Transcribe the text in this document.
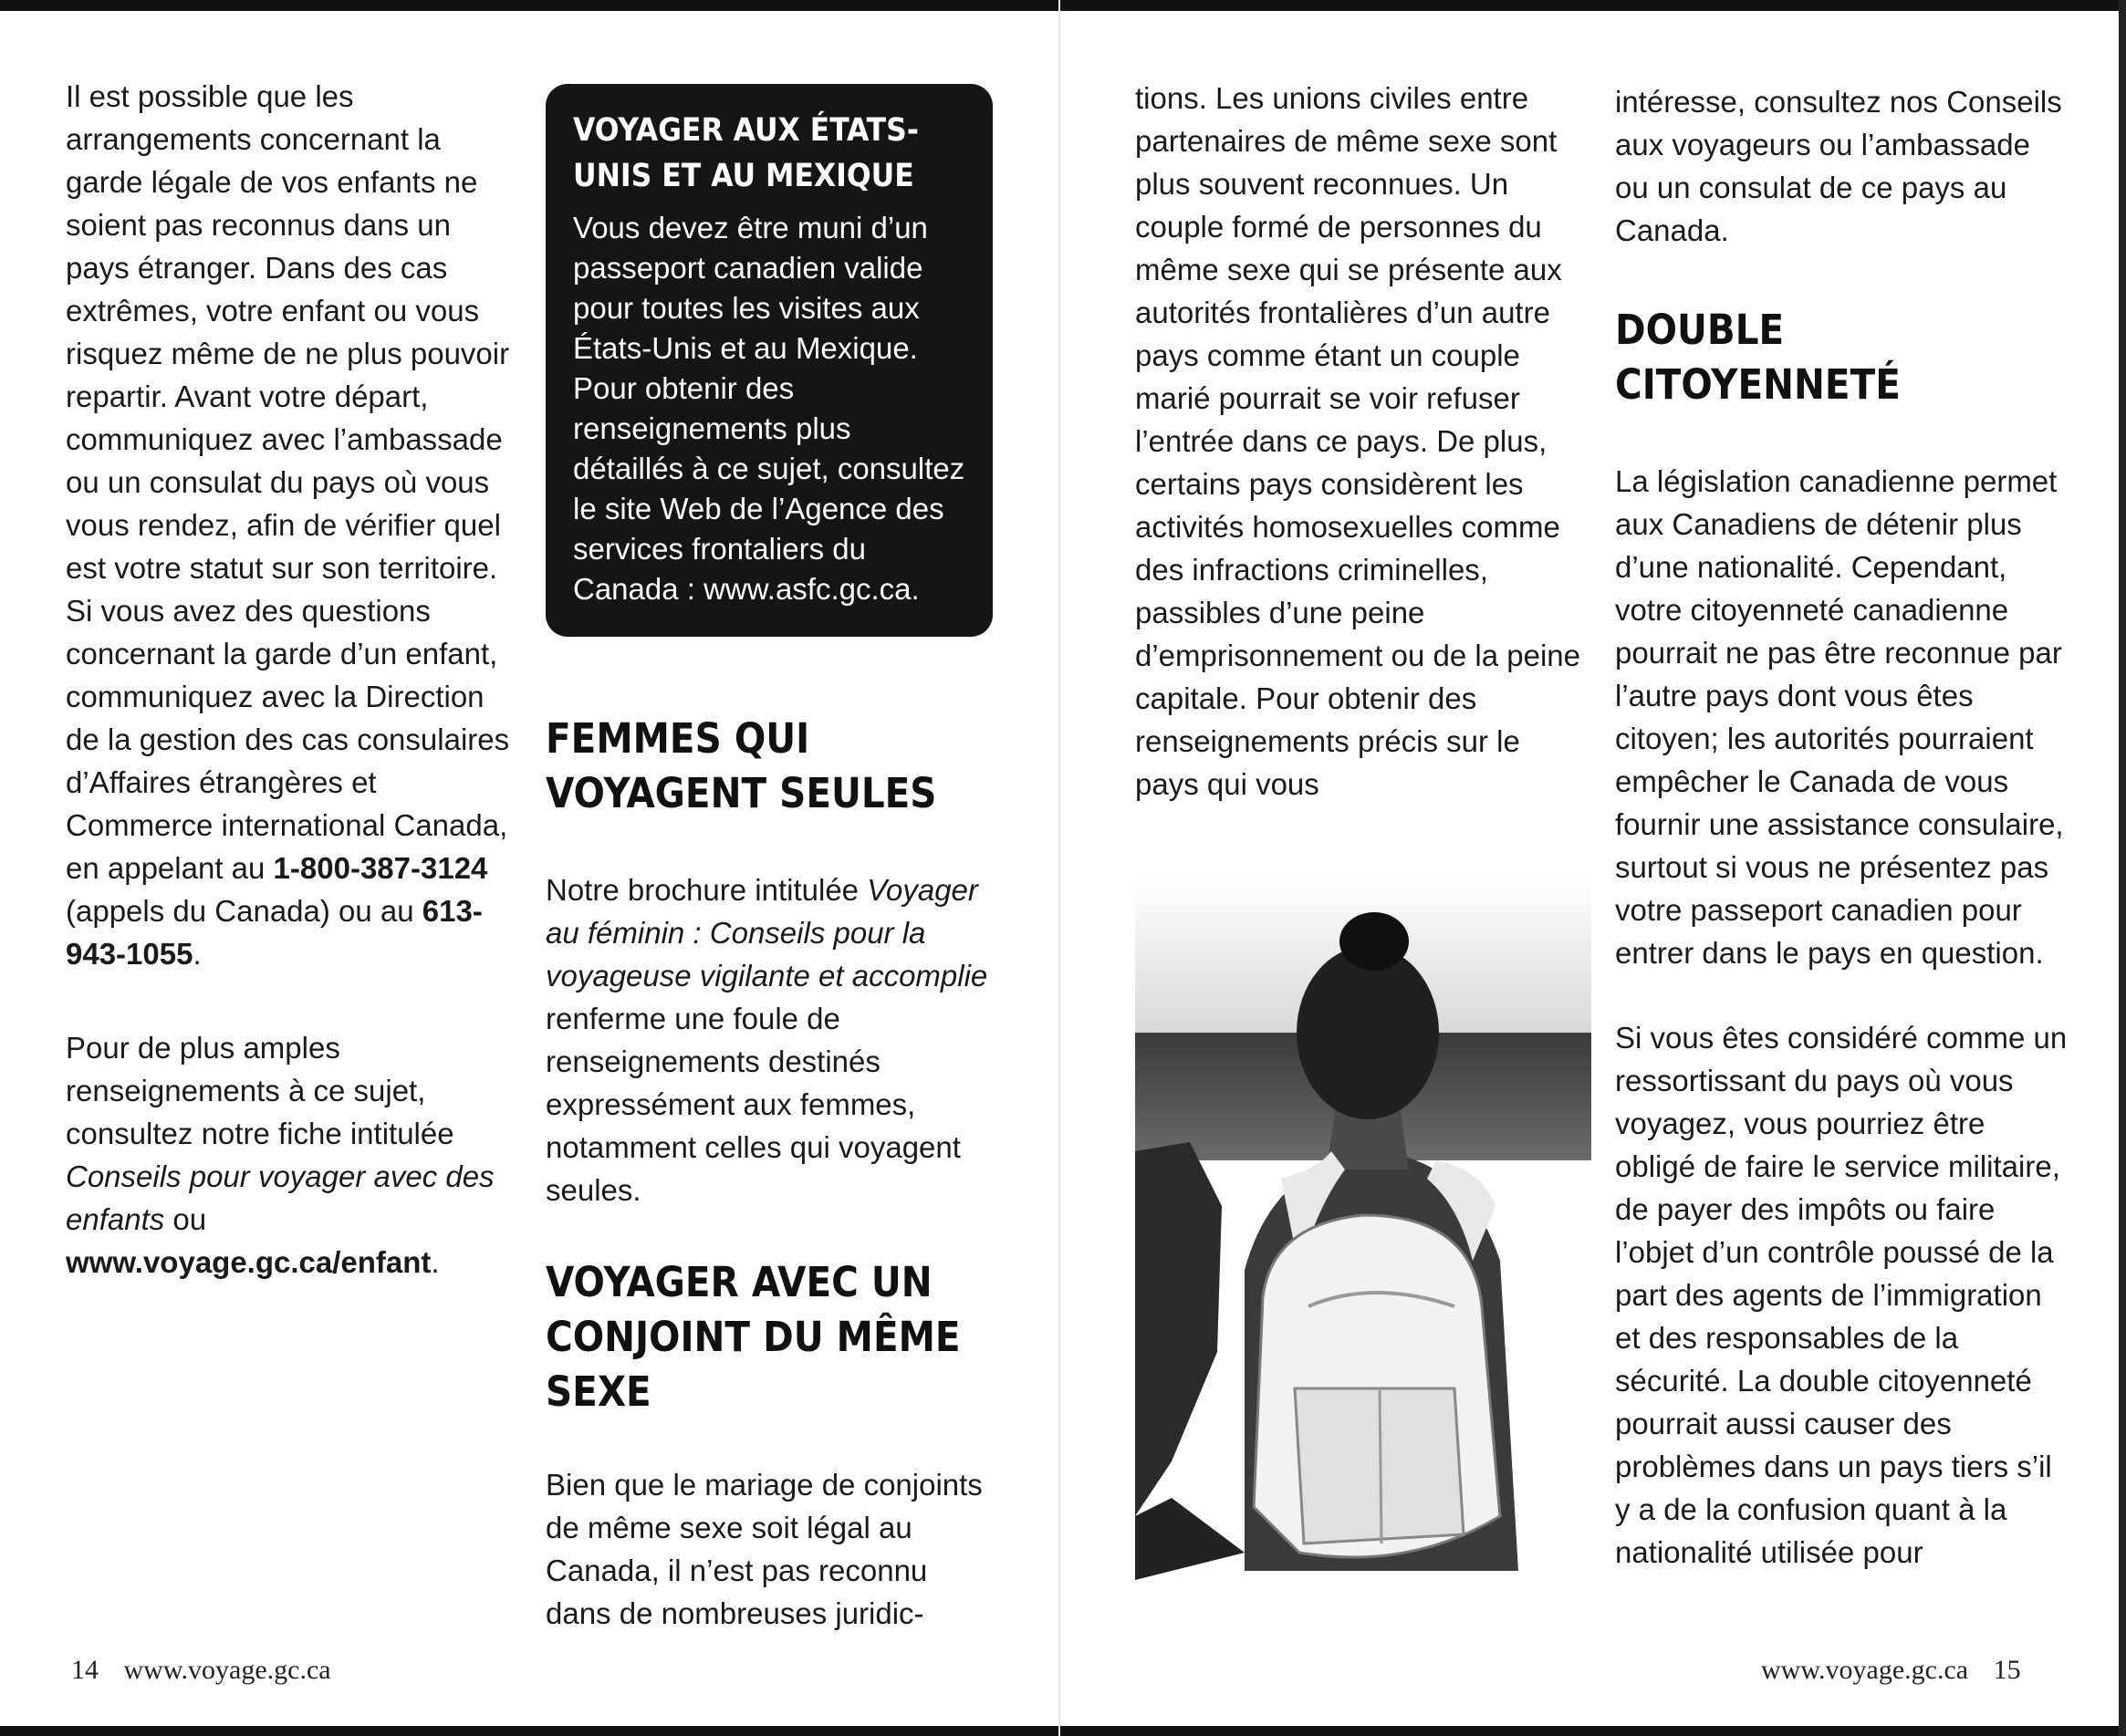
Il est possible que les arrangements concernant la garde légale de vos enfants ne soient pas reconnus dans un pays étranger. Dans des cas extrêmes, votre enfant ou vous risquez même de ne plus pouvoir repartir. Avant votre départ, communiquez avec l’ambassade ou un consulat du pays où vous vous rendez, afin de vérifier quel est votre statut sur son territoire. Si vous avez des questions concernant la garde d’un enfant, communiquez avec la Direction de la gestion des cas consulaires d’Affaires étrangères et Commerce international Canada, en appelant au 1-800-387-3124 (appels du Canada) ou au 613-943-1055.

Pour de plus amples renseignements à ce sujet, consultez notre fiche intitulée Conseils pour voyager avec des enfants ou www.voyage.gc.ca/enfant.

VOYAGER AUX ÉTATS-UNIS ET AU MEXIQUE

Vous devez être muni d’un passeport canadien valide pour toutes les visites aux États-Unis et au Mexique. Pour obtenir des renseignements plus détaillés à ce sujet, consultez le site Web de l’Agence des services frontaliers du Canada : www.asfc.gc.ca.

FEMMES QUI VOYAGENT SEULES

Notre brochure intitulée Voyager au féminin : Conseils pour la voyageuse vigilante et accomplie renferme une foule de renseignements destinés expressément aux femmes, notamment celles qui voyagent seules.

VOYAGER AVEC UN CONJOINT DU MÊME SEXE

Bien que le mariage de conjoints de même sexe soit légal au Canada, il n’est pas reconnu dans de nombreuses juridic-

tions. Les unions civiles entre partenaires de même sexe sont plus souvent reconnues. Un couple formé de personnes du même sexe qui se présente aux autorités frontalières d’un autre pays comme étant un couple marié pourrait se voir refuser l’entrée dans ce pays. De plus, certains pays considèrent les activités homosexuelles comme des infractions criminelles, passibles d’une peine d’emprisonnement ou de la peine capitale. Pour obtenir des renseignements précis sur le pays qui vous

intéresse, consultez nos Conseils aux voyageurs ou l’ambassade ou un consulat de ce pays au Canada.

DOUBLE CITOYENNETÉ

La législation canadienne permet aux Canadiens de détenir plus d’une nationalité. Cependant, votre citoyenneté canadienne pourrait ne pas être reconnue par l’autre pays dont vous êtes citoyen; les autorités pourraient empêcher le Canada de vous fournir une assistance consulaire, surtout si vous ne présentez pas votre passeport canadien pour entrer dans le pays en question.

Si vous êtes considéré comme un ressortissant du pays où vous voyagez, vous pourriez être obligé de faire le service militaire, de payer des impôts ou faire l’objet d’un contrôle poussé de la part des agents de l’immigration et des responsables de la sécurité. La double citoyenneté pourrait aussi causer des problèmes dans un pays tiers s’il y a de la confusion quant à la nationalité utilisée pour

14 www.voyage.gc.ca	www.voyage.gc.ca 15
